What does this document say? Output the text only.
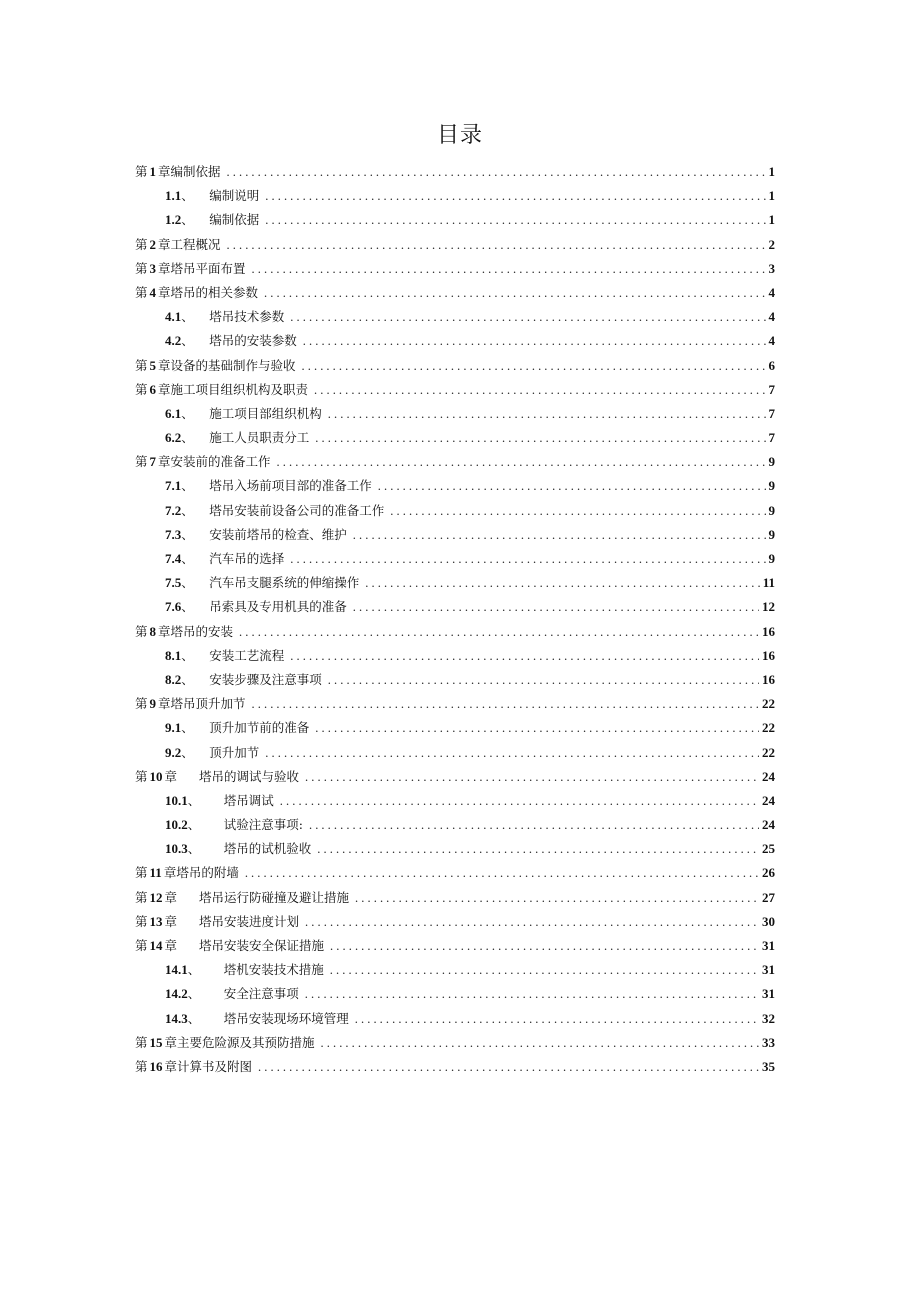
目录
第 1 章编制依据 .....	1
1.1、 编制说明 .....	1
1.2、 编制依据 .....	1
第 2 章工程概况 .....	2
第 3 章塔吊平面布置 .....	3
第 4 章塔吊的相关参数 .....	4
4.1、 塔吊技术参数 .....	4
4.2、 塔吊的安装参数 .....	4
第 5 章设备的基础制作与验收 .....	6
第 6 章施工项目组织机构及职责 .....	7
6.1、 施工项目部组织机构 .....	7
6.2、 施工人员职责分工 .....	7
第 7 章安装前的准备工作 .....	9
7.1、 塔吊入场前项目部的准备工作 .....	9
7.2、 塔吊安装前设备公司的准备工作 .....	9
7.3、 安装前塔吊的检查、维护 .....	9
7.4、 汽车吊的选择 .....	9
7.5、 汽车吊支腿系统的伸缩操作 .....	11
7.6、 吊索具及专用机具的准备 .....	12
第 8 章塔吊的安装 .....	16
8.1、 安装工艺流程 .....	16
8.2、 安装步骤及注意事项 .....	16
第 9 章塔吊顶升加节 .....	22
9.1、 顶升加节前的准备 .....	22
9.2、 顶升加节 .....	22
第 10 章 塔吊的调试与验收 .....	24
10.1、 塔吊调试 .....	24
10.2、 试验注意事项: .....	24
10.3、 塔吊的试机验收 .....	25
第 11 章塔吊的附墙 .....	26
第 12 章 塔吊运行防碰撞及避让措施 .....	27
第 13 章 塔吊安装进度计划 .....	30
第 14 章 塔吊安装安全保证措施 .....	31
14.1、 塔机安装技术措施 .....	31
14.2、 安全注意事项 .....	31
14.3、 塔吊安装现场环境管理 .....	32
第 15 章主要危险源及其预防措施 .....	33
第 16 章计算书及附图 .....	35
